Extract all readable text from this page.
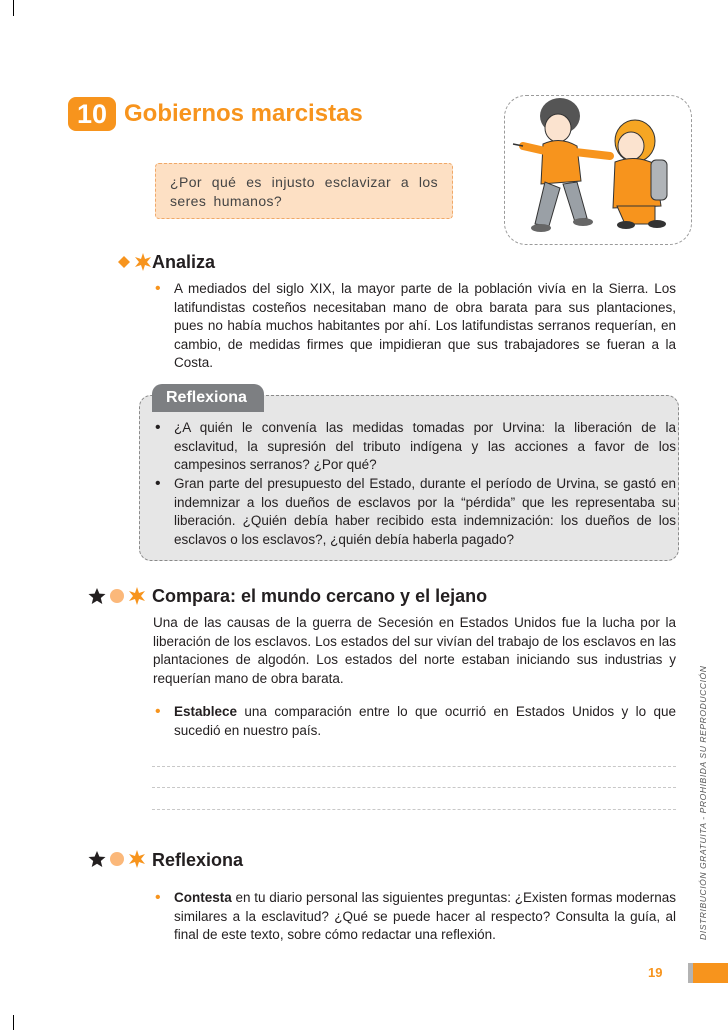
10 Gobiernos marcistas
¿Por qué es injusto esclavizar a los seres humanos?
Analiza
• A mediados del siglo XIX, la mayor parte de la población vivía en la Sierra. Los latifundistas costeños necesitaban mano de obra barata para sus plantaciones, pues no había muchos habitantes por ahí. Los latifundistas serranos requerían, en cambio, de medidas firmes que impidieran que sus trabajadores se fueran a la Costa.
Reflexiona
• ¿A quién le convenía las medidas tomadas por Urvina: la liberación de la esclavitud, la supresión del tributo indígena y las acciones a favor de los campesinos serranos? ¿Por qué?
• Gran parte del presupuesto del Estado, durante el período de Urvina, se gastó en indemnizar a los dueños de esclavos por la “pérdida” que les representaba su liberación. ¿Quién debía haber recibido esta indemnización: los dueños de los esclavos o los esclavos?, ¿quién debía haberla pagado?
Compara: el mundo cercano y el lejano
Una de las causas de la guerra de Secesión en Estados Unidos fue la lucha por la liberación de los esclavos. Los estados del sur vivían del trabajo de los esclavos en las plantaciones de algodón. Los estados del norte estaban iniciando sus industrias y requerían mano de obra barata.
• Establece una comparación entre lo que ocurrió en Estados Unidos y lo que sucedió en nuestro país.
Reflexiona
• Contesta en tu diario personal las siguientes preguntas: ¿Existen formas modernas similares a la esclavitud? ¿Qué se puede hacer al respecto? Consulta la guía, al final de este texto, sobre cómo redactar una reflexión.	DISTRIBUCIÓN GRATUITA - PROHIBIDA SU REPRODUCCIÓN
19
